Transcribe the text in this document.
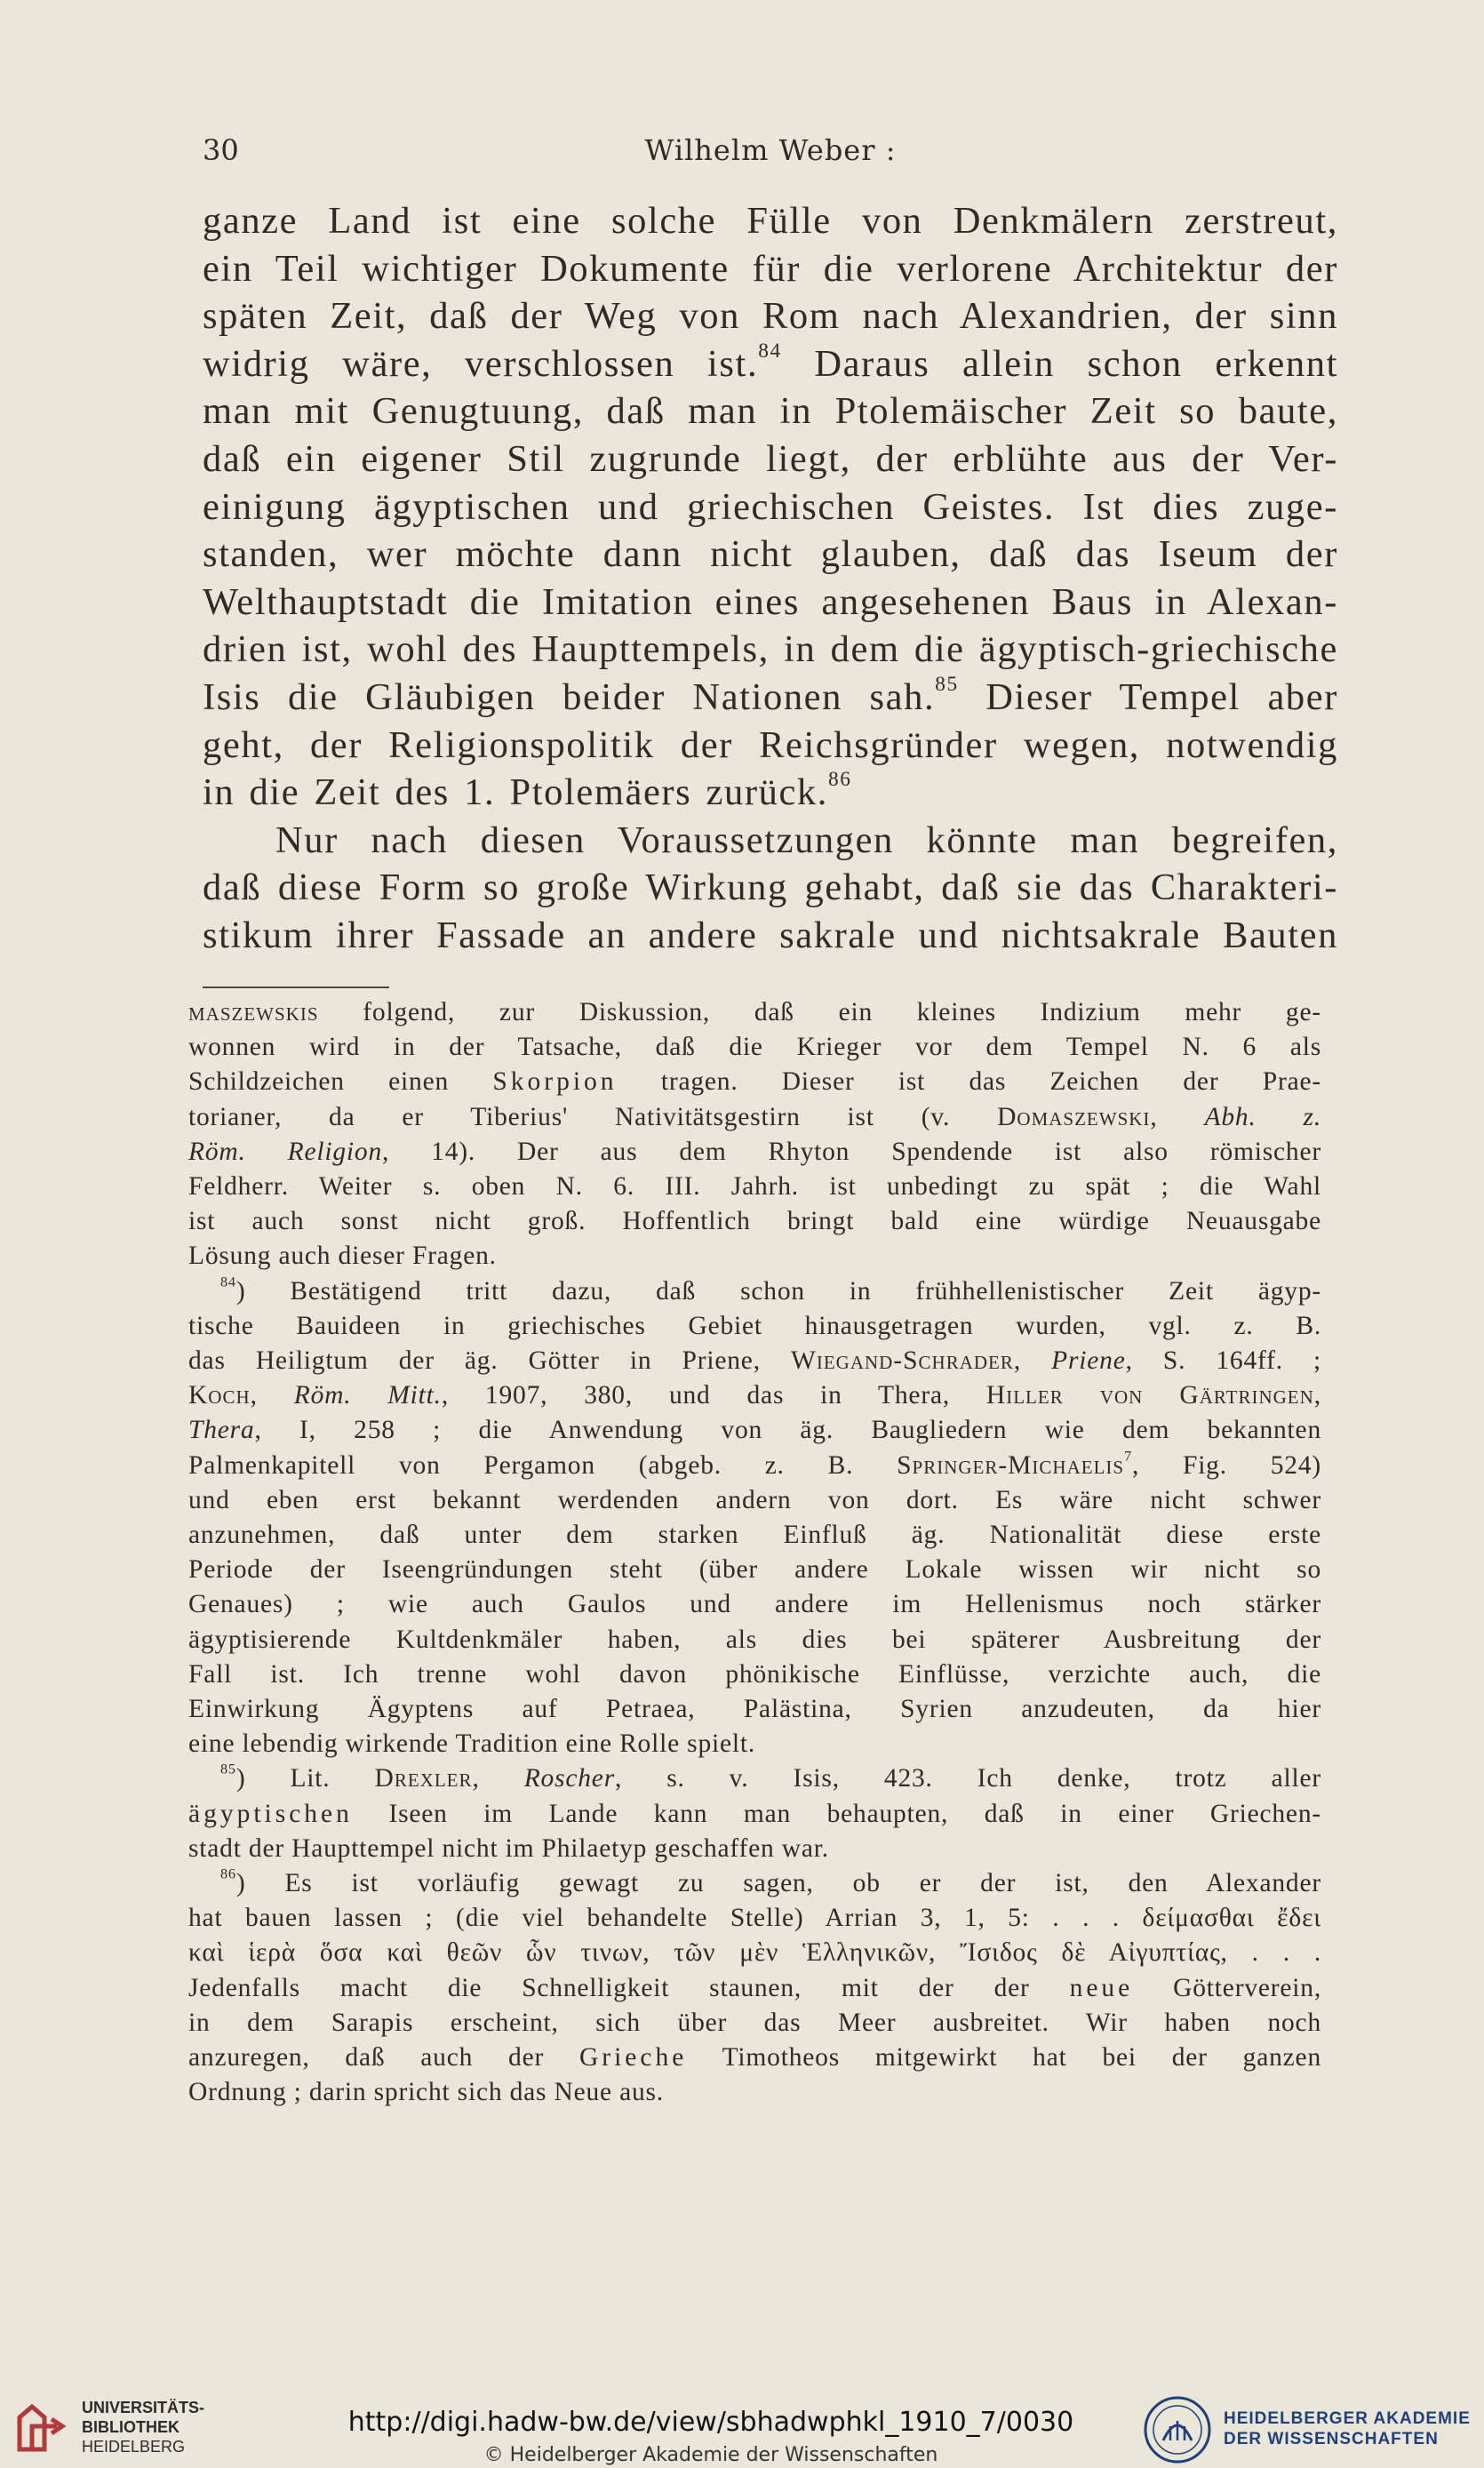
30	Wilhelm Weber :
ganze Land ist eine solche Fülle von Denkmälern zerstreut,
ein Teil wichtiger Dokumente für die verlorene Architektur der
späten Zeit, daß der Weg von Rom nach Alexandrien, der sinn
widrig wäre, verschlossen ist.$^{84}$ Daraus allein schon erkennt
man mit Genugtuung, daß man in Ptolemäischer Zeit so baute,
daß ein eigener Stil zugrunde liegt, der erblühte aus der Ver-
einigung ägyptischen und griechischen Geistes. Ist dies zuge-
standen, wer möchte dann nicht glauben, daß das Iseum der
Welthauptstadt die Imitation eines angesehenen Baus in Alexan-
drien ist, wohl des Haupttempels, in dem die ägyptisch-griechische
Isis die Gläubigen beider Nationen sah.$^{85}$ Dieser Tempel aber
geht, der Religionspolitik der Reichsgründer wegen, notwendig
in die Zeit des 1. Ptolemäers zurück.$^{86}$
Nur nach diesen Voraussetzungen könnte man begreifen,
daß diese Form so große Wirkung gehabt, daß sie das Charakteri-
stikum ihrer Fassade an andere sakrale und nichtsakrale Bauten
maszewskis folgend, zur Diskussion, daß ein kleines Indizium mehr ge-
wonnen wird in der Tatsache, daß die Krieger vor dem Tempel N. 6 als
Schildzeichen einen Skorpion tragen. Dieser ist das Zeichen der Prae-
torianer, da er Tiberius' Nativitätsgestirn ist (v. Domaszewski, Abh. z.
Röm. Religion, 14). Der aus dem Rhyton Spendende ist also römischer
Feldherr. Weiter s. oben N. 6. III. Jahrh. ist unbedingt zu spät ; die Wahl
ist auch sonst nicht groß. Hoffentlich bringt bald eine würdige Neuausgabe
Lösung auch dieser Fragen.
$^{84}$) Bestätigend tritt dazu, daß schon in frühhellenistischer Zeit ägyp-
tische Bauideen in griechisches Gebiet hinausgetragen wurden, vgl. z. B.
das Heiligtum der äg. Götter in Priene, Wiegand-Schrader, Priene, S. 164ff. ;
Koch, Röm. Mitt., 1907, 380, und das in Thera, Hiller von Gärtringen,
Thera, I, 258 ; die Anwendung von äg. Baugliedern wie dem bekannten
Palmenkapitell von Pergamon (abgeb. z. B. Springer-Michaelis$^7$, Fig. 524)
und eben erst bekannt werdenden andern von dort. Es wäre nicht schwer
anzunehmen, daß unter dem starken Einfluß äg. Nationalität diese erste
Periode der Iseengründungen steht (über andere Lokale wissen wir nicht so
Genaues) ; wie auch Gaulos und andere im Hellenismus noch stärker
ägyptisierende Kultdenkmäler haben, als dies bei späterer Ausbreitung der
Fall ist. Ich trenne wohl davon phönikische Einflüsse, verzichte auch, die
Einwirkung Ägyptens auf Petraea, Palästina, Syrien anzudeuten, da hier
eine lebendig wirkende Tradition eine Rolle spielt.
$^{85}$) Lit. Drexler, Roscher, s. v. Isis, 423. Ich denke, trotz aller
ägyptischen Iseen im Lande kann man behaupten, daß in einer Griechen-
stadt der Haupttempel nicht im Philaetyp geschaffen war.
$^{86}$) Es ist vorläufig gewagt zu sagen, ob er der ist, den Alexander
hat bauen lassen ; (die viel behandelte Stelle) Arrian 3, 1, 5: . . . δείμασθαι ἔδει
καὶ ἱερὰ ὅσα καὶ θεῶν ὧν τινων, τῶν μὲν Ἑλληνικῶν, Ἴσιδος δὲ Αἰγυπτίας, . . .
Jedenfalls macht die Schnelligkeit staunen, mit der der neue Götterverein,
in dem Sarapis erscheint, sich über das Meer ausbreitet. Wir haben noch
anzuregen, daß auch der Grieche Timotheos mitgewirkt hat bei der ganzen
Ordnung ; darin spricht sich das Neue aus.
UNIVERSITÄTS-
BIBLIOTHEK
HEIDELBERG
http://digi.hadw-bw.de/view/sbhadwphkl_1910_7/0030
© Heidelberger Akademie der Wissenschaften
HEIDELBERGER AKADEMIE
DER WISSENSCHAFTEN
